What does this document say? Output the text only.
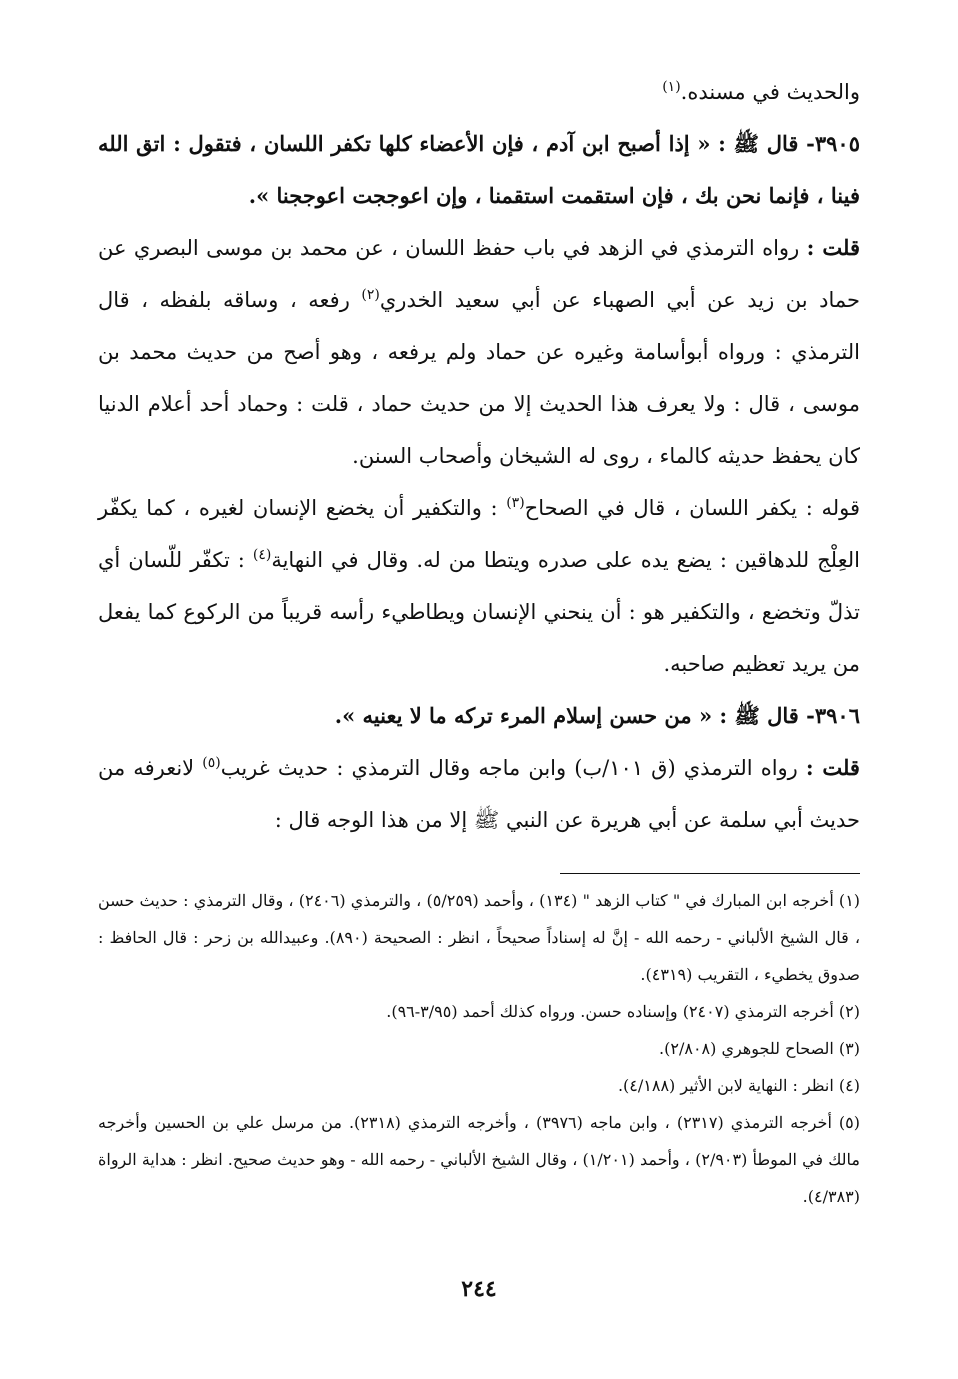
والحديث في مسنده.$^{(١)}$

٣٩٠٥- قال ﷺ : « إذا أصبح ابن آدم ، فإن الأعضاء كلها تكفر اللسان ، فتقول : اتق الله فينا ، فإنما نحن بك ، فإن استقمت استقمنا ، وإن اعوججت اعوججنا ».

قلت : رواه الترمذي في الزهد في باب حفظ اللسان ، عن محمد بن موسى البصري عن حماد بن زيد عن أبي الصهباء عن أبي سعيد الخدري$^{(٢)}$ رفعه ، وساقه بلفظه ، قال الترمذي : ورواه أبوأسامة وغيره عن حماد ولم يرفعه ، وهو أصح من حديث محمد بن موسى ، قال : ولا يعرف هذا الحديث إلا من حديث حماد ، قلت : وحماد أحد أعلام الدنيا كان يحفظ حديثه كالماء ، روى له الشيخان وأصحاب السنن.

قوله : يكفر اللسان ، قال في الصحاح$^{(٣)}$ : والتكفير أن يخضع الإنسان لغيره ، كما يكفّر العِلْج للدهاقين : يضع يده على صدره ويتطا من له. وقال في النهاية$^{(٤)}$ : تكفّر للّسان أي تذلّ وتخضع ، والتكفير هو : أن ينحني الإنسان ويطاطيء رأسه قريباً من الركوع كما يفعل من يريد تعظيم صاحبه.

٣٩٠٦- قال ﷺ : « من حسن إسلام المرء تركه ما لا يعنيه ».

قلت : رواه الترمذي (ق ١٠١/ب) وابن ماجه وقال الترمذي : حديث غريب$^{(٥)}$ لانعرفه من حديث أبي سلمة عن أبي هريرة عن النبي ﷺ إلا من هذا الوجه قال :

(١) أخرجه ابن المبارك في " كتاب الزهد " (١٣٤) ، وأحمد (٥/٢٥٩) ، والترمذي (٢٤٠٦) ، وقال الترمذي : حديث حسن ، قال الشيخ الألباني - رحمه الله - إنَّ له إسناداً صحيحاً ، انظر : الصحيحة (٨٩٠). وعبيدالله بن زحر : قال الحافظ : صدوق يخطيء ، التقريب (٤٣١٩).

(٢) أخرجه الترمذي (٢٤٠٧) وإسناده حسن. ورواه كذلك أحمد (٣/٩٥-٩٦).

(٣) الصحاح للجوهري (٢/٨٠٨).

(٤) انظر : النهاية لابن الأثير (٤/١٨٨).

(٥) أخرجه الترمذي (٢٣١٧) ، وابن ماجه (٣٩٧٦) ، وأخرجه الترمذي (٢٣١٨). من مرسل علي بن الحسين وأخرجه مالك في الموطأ (٢/٩٠٣) ، وأحمد (١/٢٠١) ، وقال الشيخ الألباني - رحمه الله - وهو حديث صحيح. انظر : هداية الرواة (٤/٣٨٣).

٢٤٤
